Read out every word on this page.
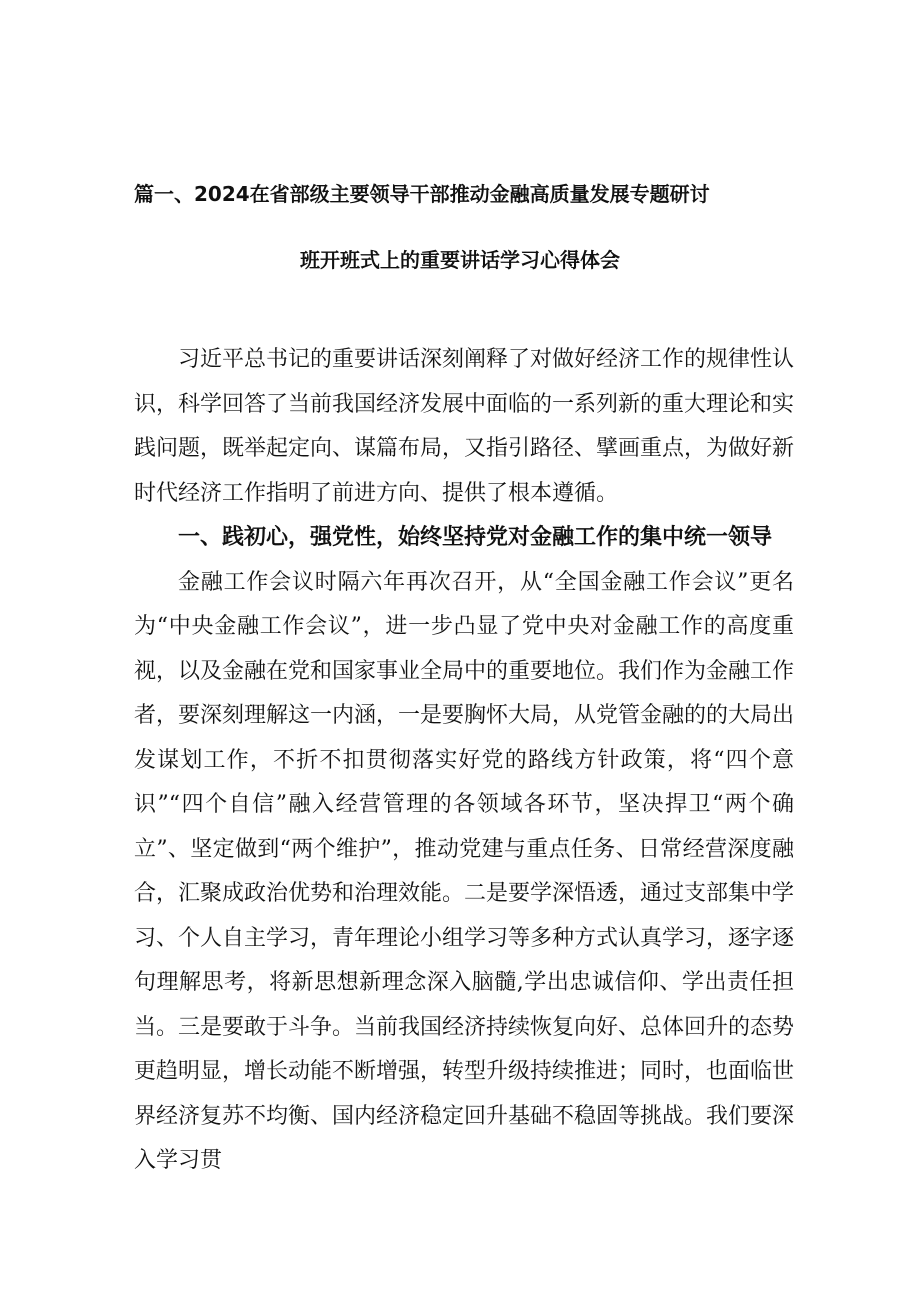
篇一、2024在省部级主要领导干部推动金融高质量发展专题研讨
班开班式上的重要讲话学习心得体会

习近平总书记的重要讲话深刻阐释了对做好经济工作的规律性认识，科学回答了当前我国经济发展中面临的一系列新的重大理论和实践问题，既举起定向、谋篇布局，又指引路径、擘画重点，为做好新时代经济工作指明了前进方向、提供了根本遵循。

一、践初心，强党性，始终坚持党对金融工作的集中统一领导

金融工作会议时隔六年再次召开，从“全国金融工作会议”更名为“中央金融工作会议”，进一步凸显了党中央对金融工作的高度重视，以及金融在党和国家事业全局中的重要地位。我们作为金融工作者，要深刻理解这一内涵，一是要胸怀大局，从党管金融的的大局出发谋划工作，不折不扣贯彻落实好党的路线方针政策，将“四个意识”“四个自信”融入经营管理的各领域各环节，坚决捍卫“两个确立”、坚定做到“两个维护”，推动党建与重点任务、日常经营深度融合，汇聚成政治优势和治理效能。二是要学深悟透，通过支部集中学习、个人自主学习，青年理论小组学习等多种方式认真学习，逐字逐句理解思考，将新思想新理念深入脑髓,学出忠诚信仰、学出责任担当。三是要敢于斗争。当前我国经济持续恢复向好、总体回升的态势更趋明显，增长动能不断增强，转型升级持续推进；同时，也面临世界经济复苏不均衡、国内经济稳定回升基础不稳固等挑战。我们要深入学习贯
